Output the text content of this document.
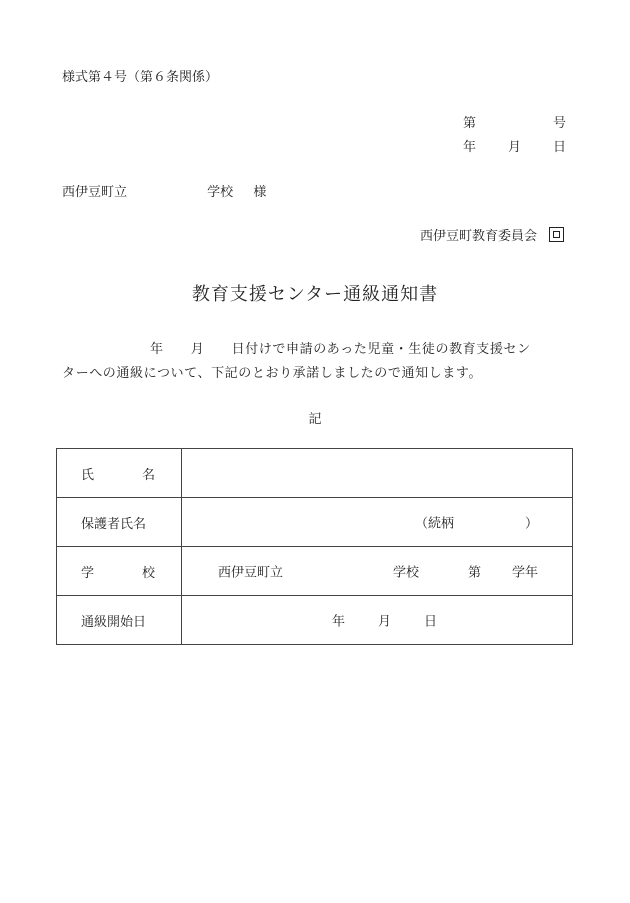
様式第４号（第６条関係）
第	号
年 月 日
西伊豆町立	学校 様
西伊豆町教育委員会
教育支援センター通級通知書
年　　月　　日付けで申請のあった児童・生徒の教育支援セン
ターへの通級について、下記のとおり承諾しましたので通知します。
記
氏 名	

保護者氏名	（続柄 ）

学 校	西伊豆町立 学校 第 学年

通級開始日	年 月 日
